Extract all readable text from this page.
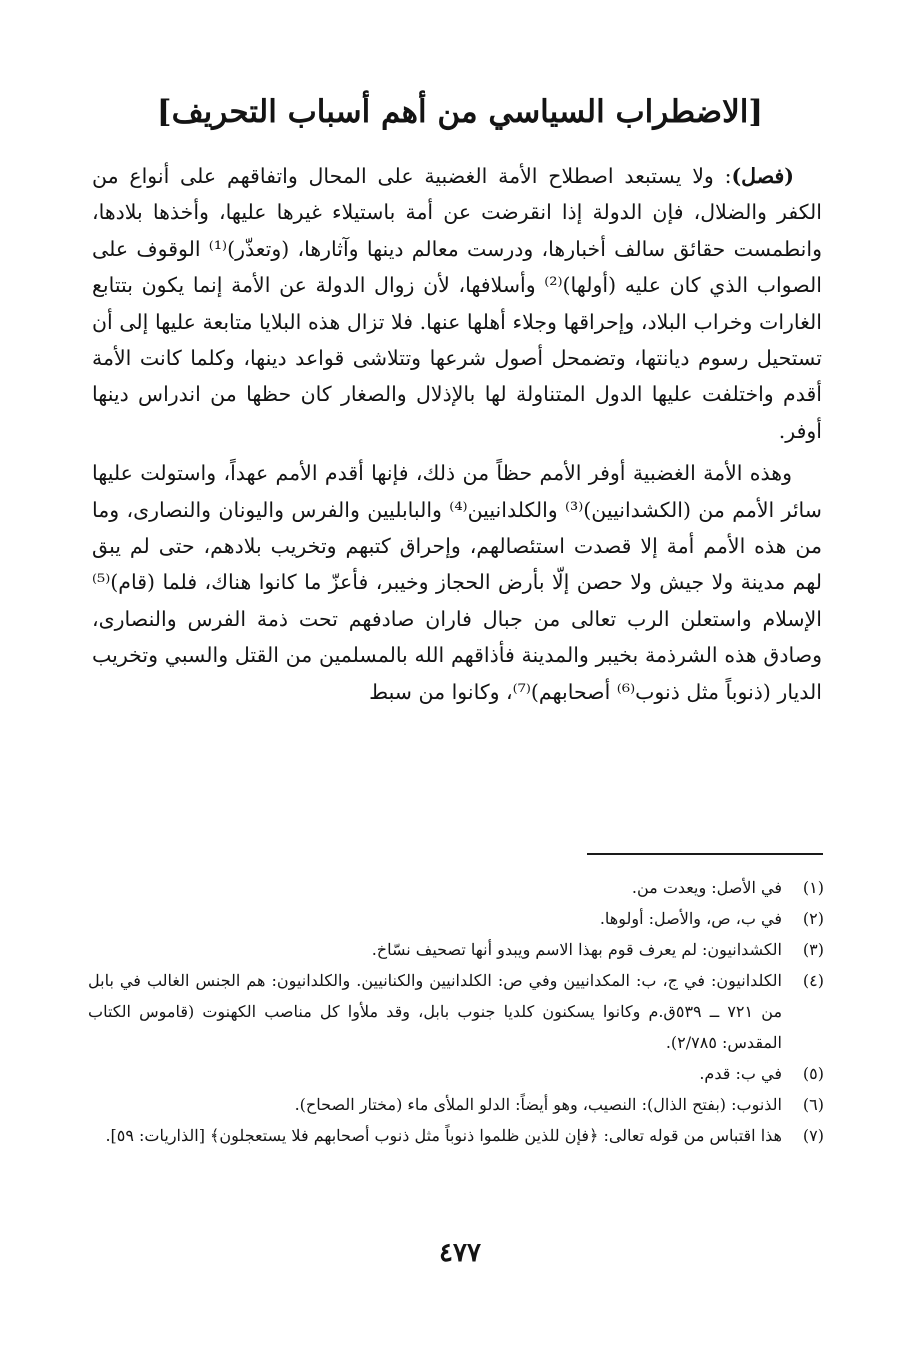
[الاضطراب السياسي من أهم أسباب التحريف]

(فصل): ولا يستبعد اصطلاح الأمة الغضبية على المحال واتفاقهم على أنواع من الكفر والضلال، فإن الدولة إذا انقرضت عن أمة باستيلاء غيرها عليها، وأخذها بلادها، وانطمست حقائق سالف أخبارها، ودرست معالم دينها وآثارها، (وتعذّر)⁽¹⁾ الوقوف على الصواب الذي كان عليه (أولها)⁽²⁾ وأسلافها، لأن زوال الدولة عن الأمة إنما يكون بتتابع الغارات وخراب البلاد، وإحراقها وجلاء أهلها عنها. فلا تزال هذه البلايا متابعة عليها إلى أن تستحيل رسوم ديانتها، وتضمحل أصول شرعها وتتلاشى قواعد دينها، وكلما كانت الأمة أقدم واختلفت عليها الدول المتناولة لها بالإذلال والصغار كان حظها من اندراس دينها أوفر.

وهذه الأمة الغضبية أوفر الأمم حظاً من ذلك، فإنها أقدم الأمم عهداً، واستولت عليها سائر الأمم من (الكشدانيين)⁽³⁾ والكلدانيين⁽⁴⁾ والبابليين والفرس واليونان والنصارى، وما من هذه الأمم أمة إلا قصدت استئصالهم، وإحراق كتبهم وتخريب بلادهم، حتى لم يبق لهم مدينة ولا جيش ولا حصن إلّا بأرض الحجاز وخيبر، فأعزّ ما كانوا هناك، فلما (قام)⁽⁵⁾ الإسلام واستعلن الرب تعالى من جبال فاران صادفهم تحت ذمة الفرس والنصارى، وصادق هذه الشرذمة بخيبر والمدينة فأذاقهم الله بالمسلمين من القتل والسبي وتخريب الديار (ذنوباً مثل ذنوب⁽⁶⁾ أصحابهم)⁽⁷⁾، وكانوا من سبط

(١)
في الأصل: ويعدت من.
(٢)
في ب، ص، والأصل: أولوها.
(٣)
الكشدانيون: لم يعرف قوم بهذا الاسم ويبدو أنها تصحيف نسّاخ.
(٤)
الكلدانيون: في ج، ب: المكدانيين وفي ص: الكلدانيين والكنانيين. والكلدانيون: هم الجنس الغالب في بابل من ٧٢١ ــ ٥٣٩ق.م وكانوا يسكنون كلديا جنوب بابل، وقد ملأوا كل مناصب الكهنوت (قاموس الكتاب المقدس: ٢/٧٨٥).
(٥)
في ب: قدم.
(٦)
الذنوب: (بفتح الذال): النصيب، وهو أيضاً: الدلو الملأى ماء (مختار الصحاح).
(٧)
هذا اقتباس من قوله تعالى: ﴿فإن للذين ظلموا ذنوباً مثل ذنوب أصحابهم فلا يستعجلون﴾ [الذاريات: ٥٩].
٤٧٧
